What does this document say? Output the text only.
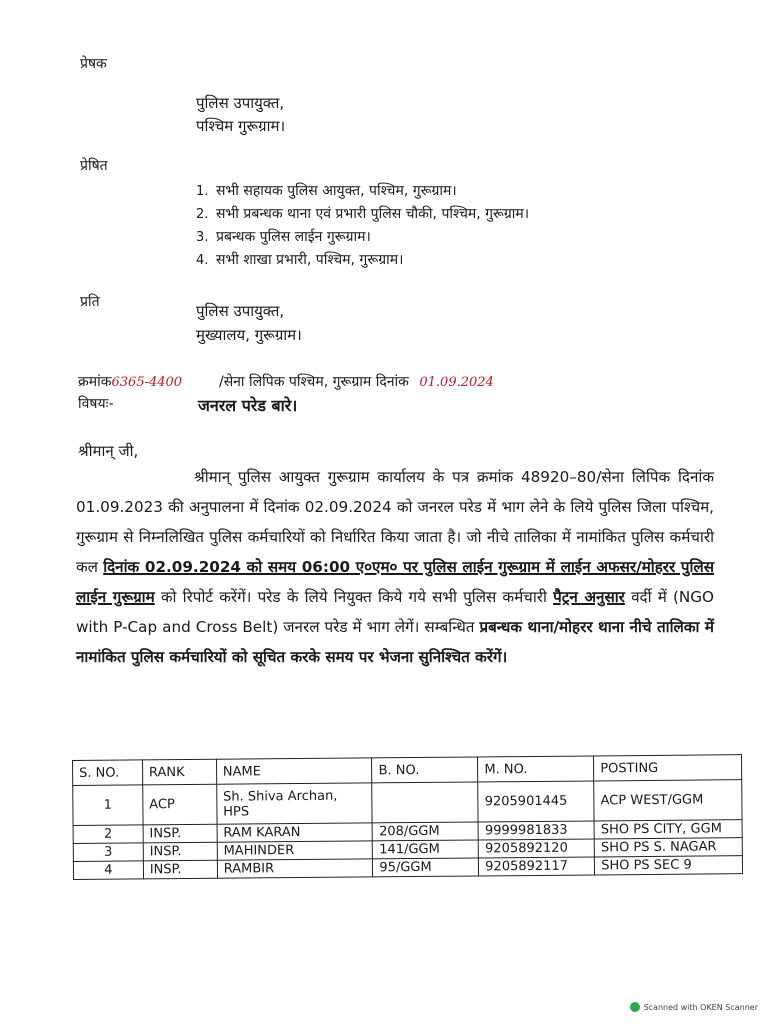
प्रेषक
पुलिस उपायुक्त,
पश्चिम गुरूग्राम।
प्रेषित
1. सभी सहायक पुलिस आयुक्त, पश्चिम, गुरूग्राम।
2. सभी प्रबन्धक थाना एवं प्रभारी पुलिस चौकी, पश्चिम, गुरूग्राम।
3. प्रबन्धक पुलिस लाईन गुरूग्राम।
4. सभी शाखा प्रभारी, पश्चिम, गुरूग्राम।
प्रति	पुलिस उपायुक्त,
मुख्यालय, गुरूग्राम।
क्रमांक6365-4400	/सेना लिपिक पश्चिम, गुरूग्राम दिनांक 01.09.2024
विषयः-	जनरल परेड बारे।
श्रीमान् जी,
श्रीमान् पुलिस आयुक्त गुरूग्राम कार्यालय के पत्र क्रमांक 48920–80/सेना लिपिक दिनांक 01.09.2023 की अनुपालना में दिनांक 02.09.2024 को जनरल परेड में भाग लेने के लिये पुलिस जिला पश्चिम, गुरूग्राम से निम्नलिखित पुलिस कर्मचारियों को निर्धारित किया जाता है। जो नीचे तालिका में नामांकित पुलिस कर्मचारी कल दिनांक 02.09.2024 को समय 06:00 ए०एम० पर पुलिस लाईन गुरूग्राम में लाईन अफसर/मोहरर पुलिस लाईन गुरूग्राम को रिपोर्ट करेंगें। परेड के लिये नियुक्त किये गये सभी पुलिस कर्मचारी पैट्रन अनुसार वर्दी में (NGO with P-Cap and Cross Belt) जनरल परेड में भाग लेगें। सम्बन्धित प्रबन्धक थाना/मोहरर थाना नीचे तालिका में नामांकित पुलिस कर्मचारियों को सूचित करके समय पर भेजना सुनिश्चित करेंगें।
S. NO.	RANK	NAME	B. NO.	M. NO.	POSTING
1	ACP	Sh. Shiva Archan, HPS		9205901445	ACP WEST/GGM
2	INSP.	RAM KARAN	208/GGM	9999981833	SHO PS CITY, GGM
3	INSP.	MAHINDER	141/GGM	9205892120	SHO PS S. NAGAR
4	INSP.	RAMBIR	95/GGM	9205892117	SHO PS SEC 9
Scanned with OKEN Scanner
